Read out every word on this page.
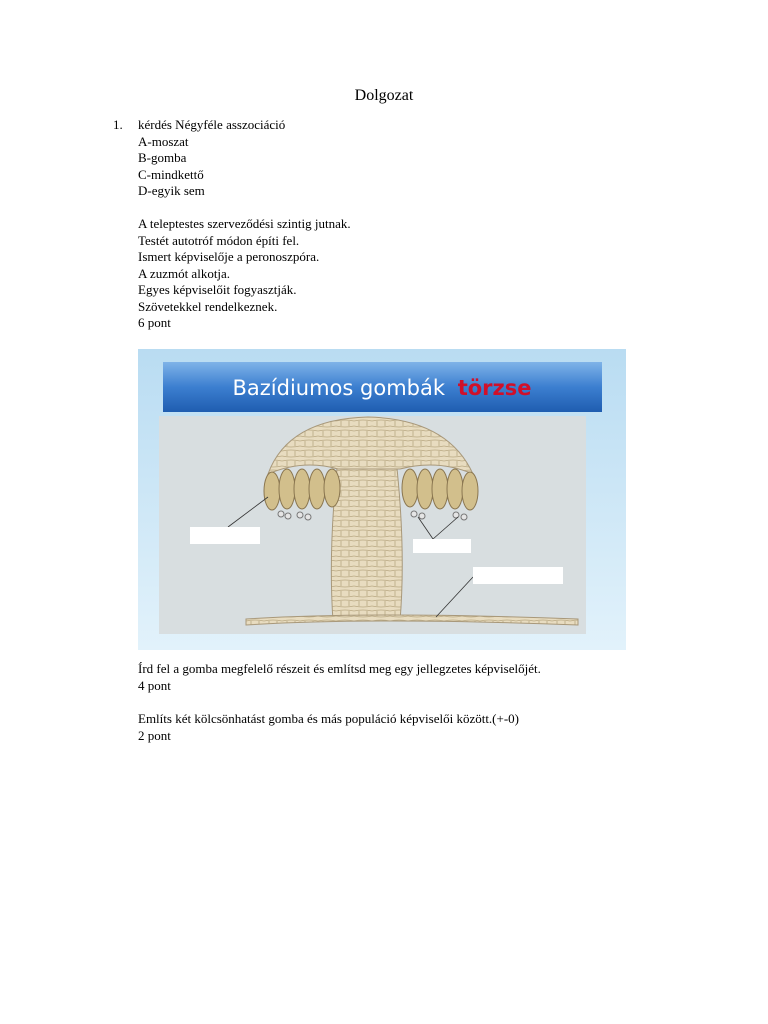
Dolgozat
1. kérdés Négyféle asszociáció
A-moszat
B-gomba
C-mindkettő
D-egyik sem
A teleptestes szerveződési szintig jutnak.
Testét autotróf módon építi fel.
Ismert képviselője a peronoszpóra.
A zuzmót alkotja.
Egyes képviselőit fogyasztják.
Szövetekkel rendelkeznek.
6 pont
Bazídiumos gombák törzse
Írd fel a gomba megfelelő részeit és említsd meg egy jellegzetes képviselőjét.
4 pont
Említs két kölcsönhatást gomba és más populáció képviselői között.(+-0)
2 pont
